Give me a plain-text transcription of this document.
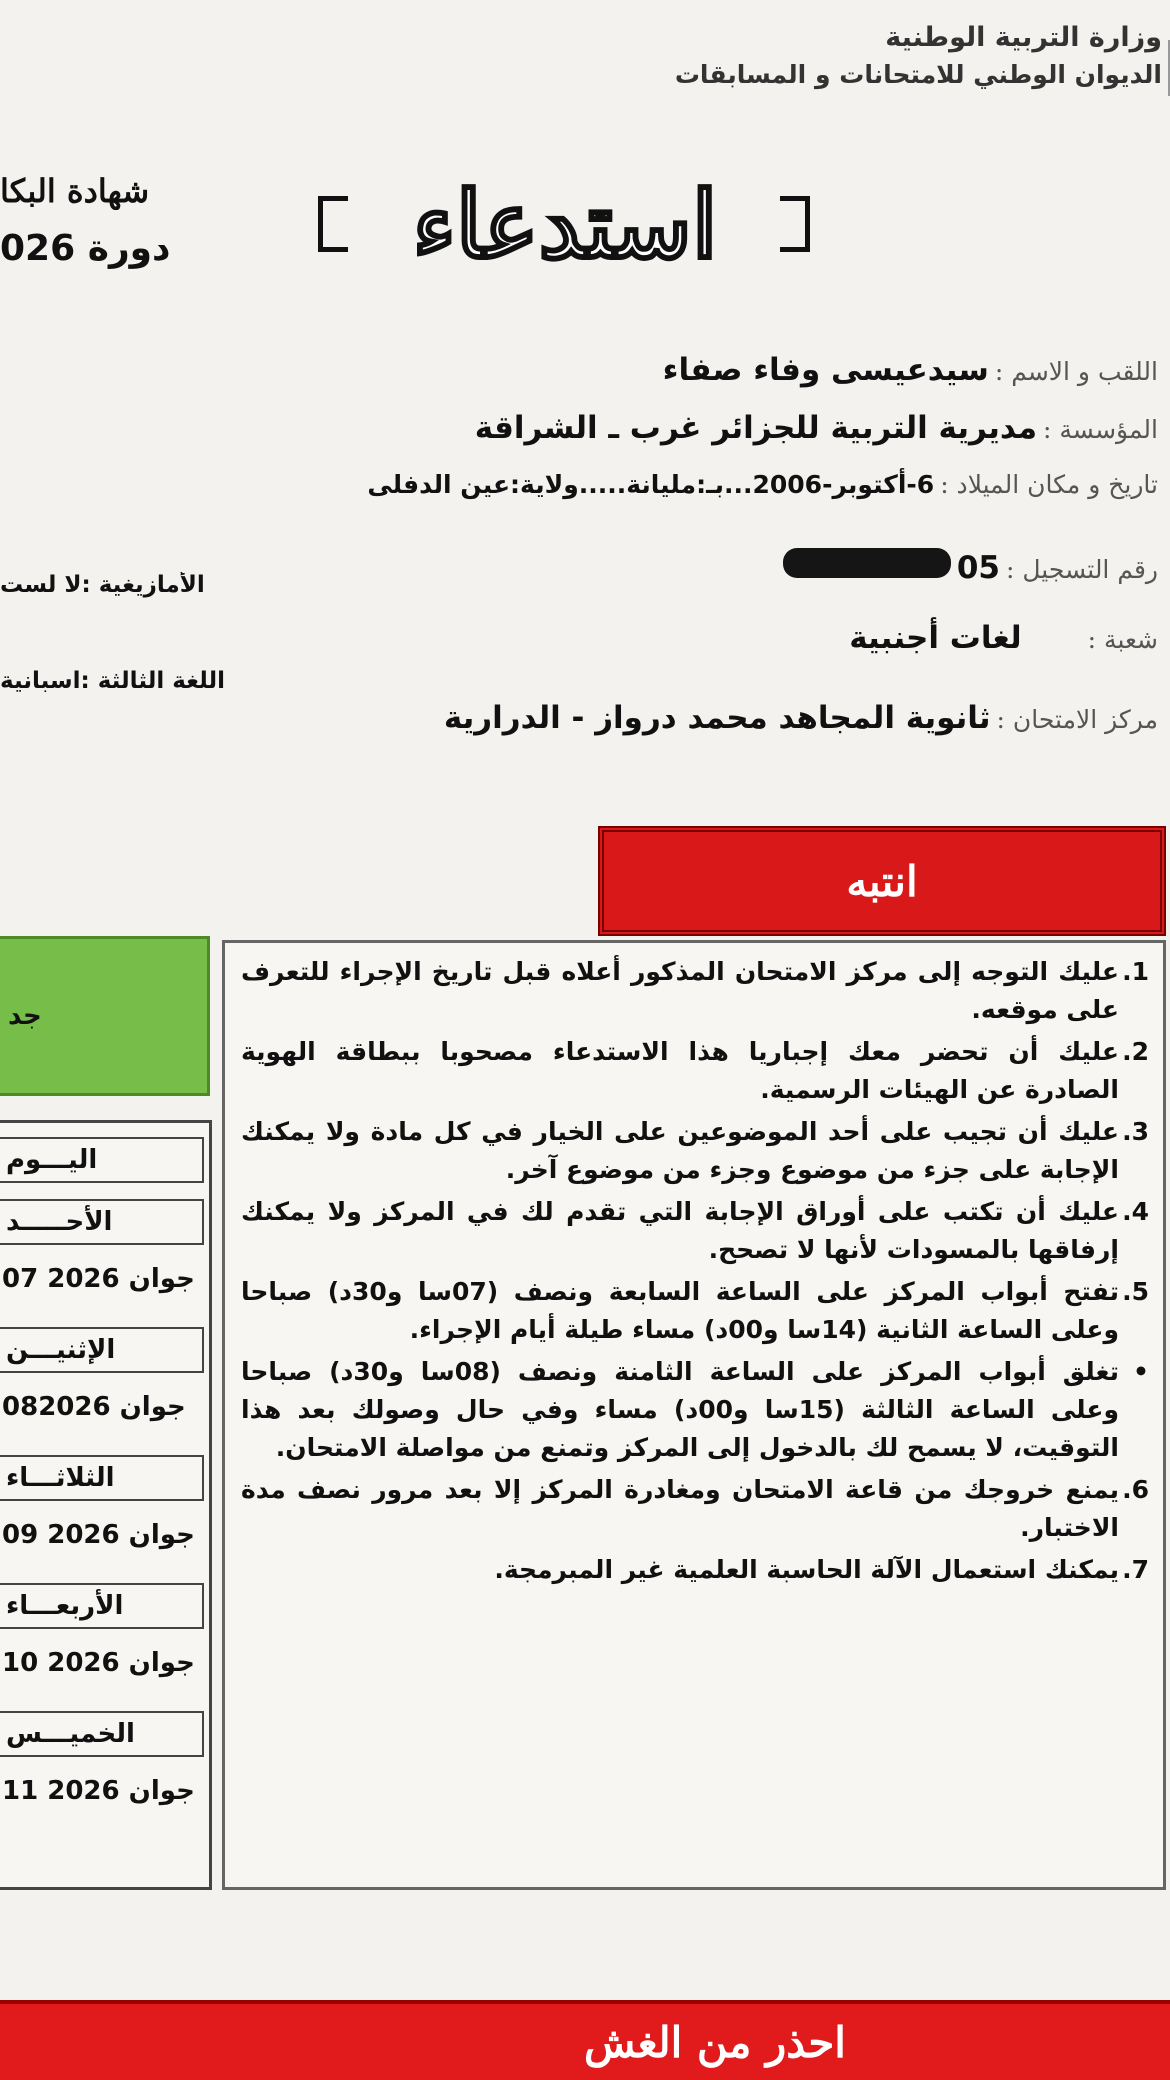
وزارة التربية الوطنية
الديوان الوطني للامتحانات و المسابقات
شهادة البكا
دورة 026	استدعاء
اللقب و الاسم :
سيدعيسى وفاء صفاء
المؤسسة :
مديرية التربية للجزائر غرب ـ الشراقة
تاريخ و مكان الميلاد :
6-أكتوبر-2006...بـ:مليانة.....ولاية:عين الدفلى
رقم التسجيل :
05
شعبة :
لغات أجنبية
مركز الامتحان :
ثانوية المجاهد محمد درواز - الدرارية
الأمازيغية :لا لست
اللغة الثالثة :اسبانية
انتبه
1.
عليك التوجه إلى مركز الامتحان المذكور أعلاه قبل تاريخ الإجراء للتعرف على موقعه.
2.
عليك أن تحضر معك إجباريا هذا الاستدعاء مصحوبا ببطاقة الهوية الصادرة عن الهيئات الرسمية.
3.
عليك أن تجيب على أحد الموضوعين على الخيار في كل مادة ولا يمكنك الإجابة على جزء من موضوع وجزء من موضوع آخر.
4.
عليك أن تكتب على أوراق الإجابة التي تقدم لك في المركز ولا يمكنك إرفاقها بالمسودات لأنها لا تصحح.
5.
تفتح أبواب المركز على الساعة السابعة ونصف (07سا و30د) صباحا وعلى الساعة الثانية (14سا و00د) مساء طيلة أيام الإجراء.
•
تغلق أبواب المركز على الساعة الثامنة ونصف (08سا و30د) صباحا وعلى الساعة الثالثة (15سا و00د) مساء وفي حال وصولك بعد هذا التوقيت، لا يسمح لك بالدخول إلى المركز وتمنع من مواصلة الامتحان.
6.
يمنع خروجك من قاعة الامتحان ومغادرة المركز إلا بعد مرور نصف مدة الاختبار.
7.
يمكنك استعمال الآلة الحاسبة العلمية غير المبرمجة.
جد
اليـــوم
الأحـــــد
07 جوان 2026
الإثنيـــن
08جوان 2026
الثلاثـــاء
09 جوان 2026
الأربعـــاء
10 جوان 2026
الخميـــس
11 جوان 2026
احذر من الغش
